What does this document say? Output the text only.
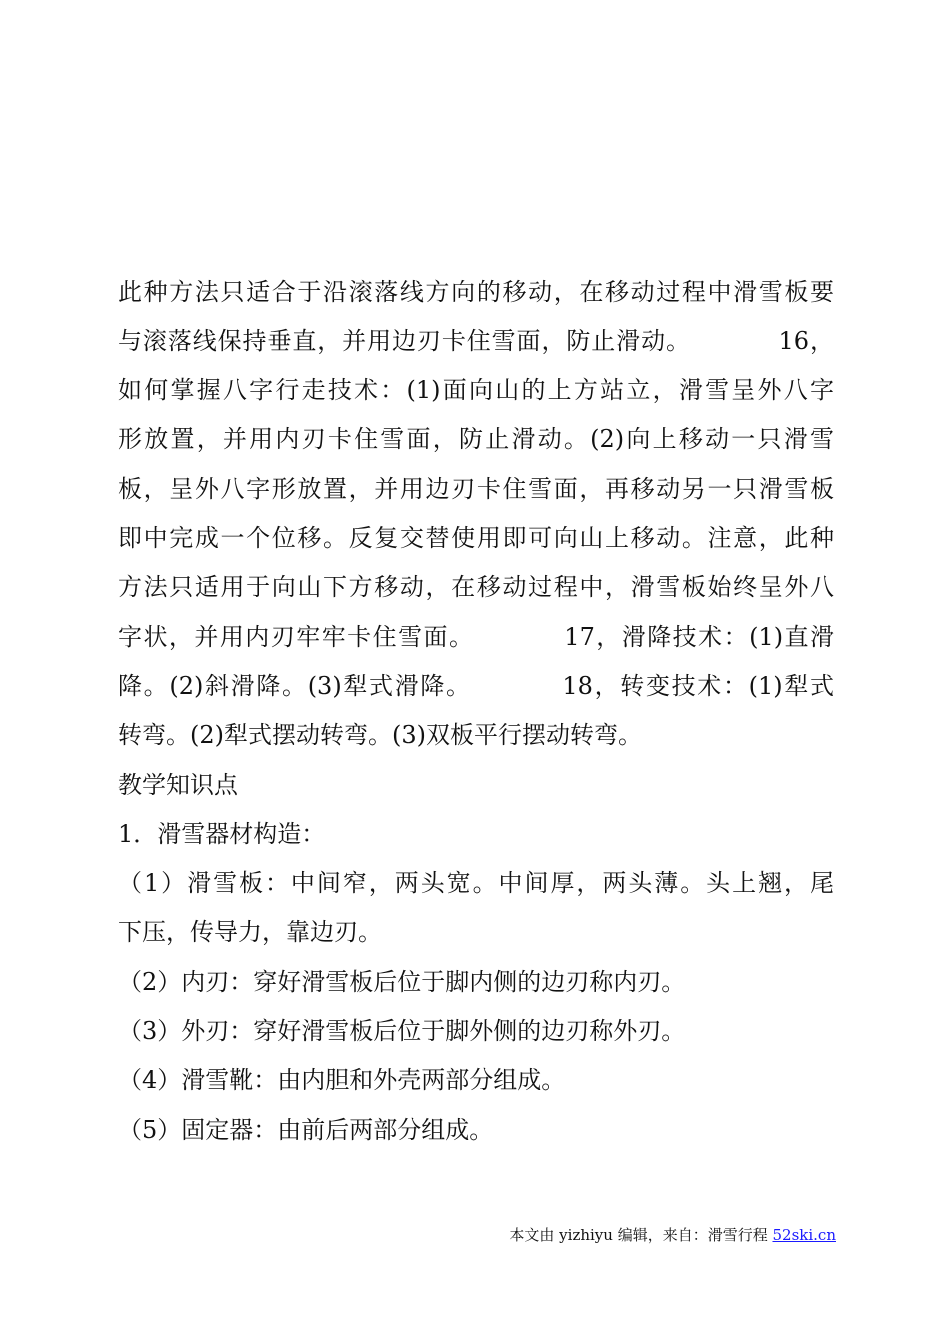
此种方法只适合于沿滚落线方向的移动，在移动过程中滑雪板要
与滚落线保持垂直，并用边刃卡住雪面，防止滑动。　　　　16，
如何掌握八字行走技术：(1)面向山的上方站立，滑雪呈外八字
形放置，并用内刃卡住雪面，防止滑动。(2)向上移动一只滑雪
板，呈外八字形放置，并用边刃卡住雪面，再移动另一只滑雪板
即中完成一个位移。反复交替使用即可向山上移动。注意，此种
方法只适用于向山下方移动，在移动过程中，滑雪板始终呈外八
字状，并用内刃牢牢卡住雪面。　　　　17，滑降技术：(1)直滑
降。(2)斜滑降。(3)犁式滑降。　　　　18，转变技术：(1)犁式
转弯。(2)犁式摆动转弯。(3)双板平行摆动转弯。
教学知识点
1．滑雪器材构造：
（1）滑雪板：中间窄，两头宽。中间厚，两头薄。头上翘，尾
下压，传导力，靠边刃。
（2）内刃：穿好滑雪板后位于脚内侧的边刃称内刃。
（3）外刃：穿好滑雪板后位于脚外侧的边刃称外刃。
（4）滑雪靴：由内胆和外壳两部分组成。
（5）固定器：由前后两部分组成。
本文由 yizhiyu 编辑，来自：滑雪行程 52ski.cn
